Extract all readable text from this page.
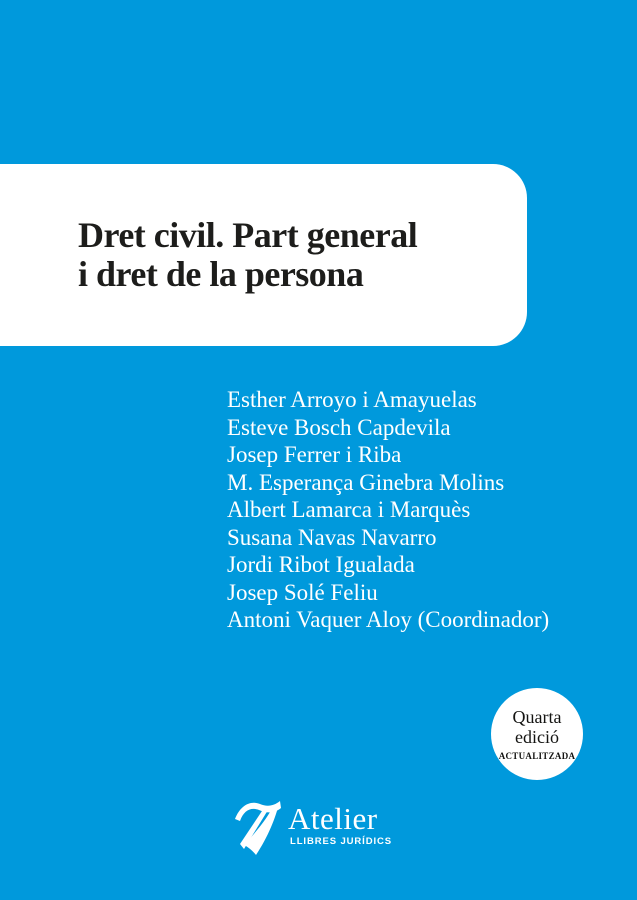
Dret civil. Part general
i dret de la persona
Esther Arroyo i Amayuelas
Esteve Bosch Capdevila
Josep Ferrer i Riba
M. Esperança Ginebra Molins
Albert Lamarca i Marquès
Susana Navas Navarro
Jordi Ribot Igualada
Josep Solé Feliu
Antoni Vaquer Aloy (Coordinador)
Quarta
edició
ACTUALITZADA
Atelier
LLIBRES JURÍDICS
